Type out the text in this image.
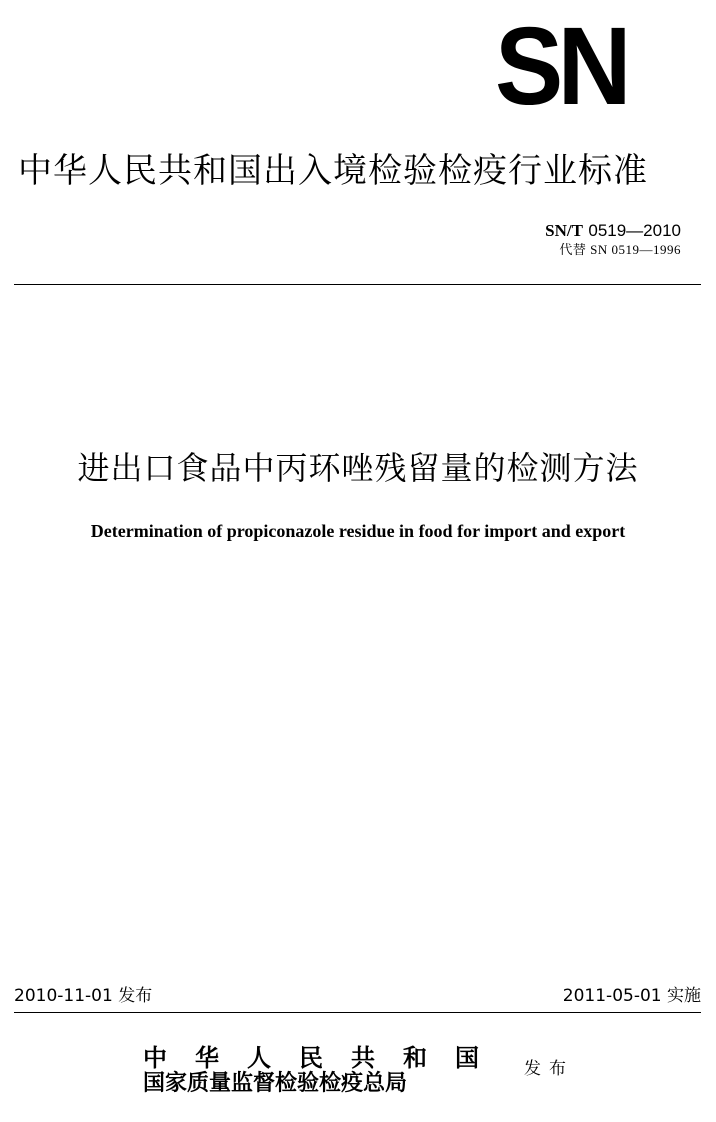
SN
中华人民共和国出入境检验检疫行业标准
SN/T 0519—2010
代替 SN 0519—1996
进出口食品中丙环唑残留量的检测方法
Determination of propiconazole residue in food for import and export
2010-11-01 发布	2011-05-01 实施
中华人民共和国
国家质量监督检验检疫总局
发布
